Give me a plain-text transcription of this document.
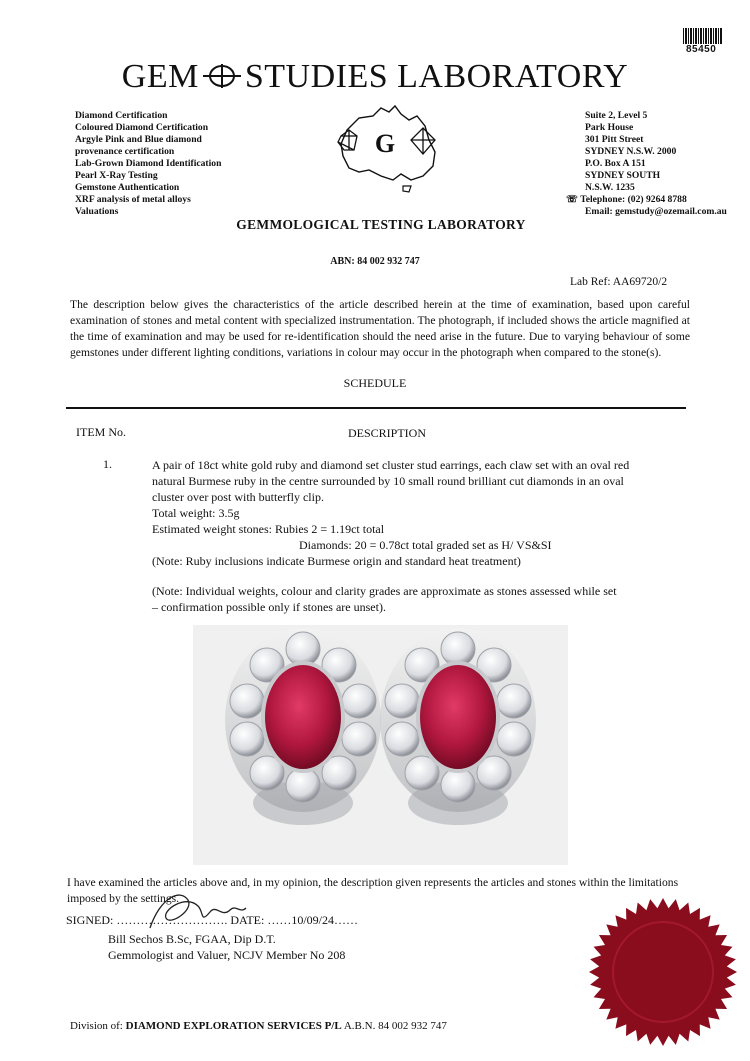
85450
GEM STUDIES LABORATORY
Diamond Certification
Coloured Diamond Certification
Argyle Pink and Blue diamond
provenance certification
Lab-Grown Diamond Identification
Pearl X-Ray Testing
Gemstone Authentication
XRF analysis of metal alloys
Valuations
G
Suite 2, Level 5
Park House
301 Pitt Street
SYDNEY N.S.W. 2000
P.O. Box A 151
SYDNEY SOUTH
N.S.W. 1235
☏ Telephone: (02) 9264 8788
Email: gemstudy@ozemail.com.au
GEMMOLOGICAL TESTING LABORATORY
ABN: 84 002 932 747
Lab Ref: AA69720/2
The description below gives the characteristics of the article described herein at the time of examination, based upon careful examination of stones and metal content with specialized instrumentation. The photograph, if included shows the article magnified at the time of examination and may be used for re-identification should the need arise in the future. Due to varying behaviour of some gemstones under different lighting conditions, variations in colour may occur in the photograph when compared to the stone(s).
SCHEDULE
ITEM No.	DESCRIPTION
1.	A pair of 18ct white gold ruby and diamond set cluster stud earrings, each claw set with an oval red natural Burmese ruby in the centre surrounded by 10 small round brilliant cut diamonds in an oval cluster over post with butterfly clip.

Total weight: 3.5g

Estimated weight stones: Rubies 2 = 1.19ct total

Diamonds: 20 = 0.78ct total graded set as H/ VS&SI

(Note: Ruby inclusions indicate Burmese origin and standard heat treatment)

(Note: Individual weights, colour and clarity grades are approximate as stones assessed while set – confirmation possible only if stones are unset).
I have examined the articles above and, in my opinion, the description given represents the articles and stones within the limitations imposed by the settings.
SIGNED: ………………………. DATE: ……10/09/24……
Bill Sechos B.Sc, FGAA, Dip D.T.
Gemmologist and Valuer, NCJV Member No 208
Division of: DIAMOND EXPLORATION SERVICES P/L A.B.N. 84 002 932 747
